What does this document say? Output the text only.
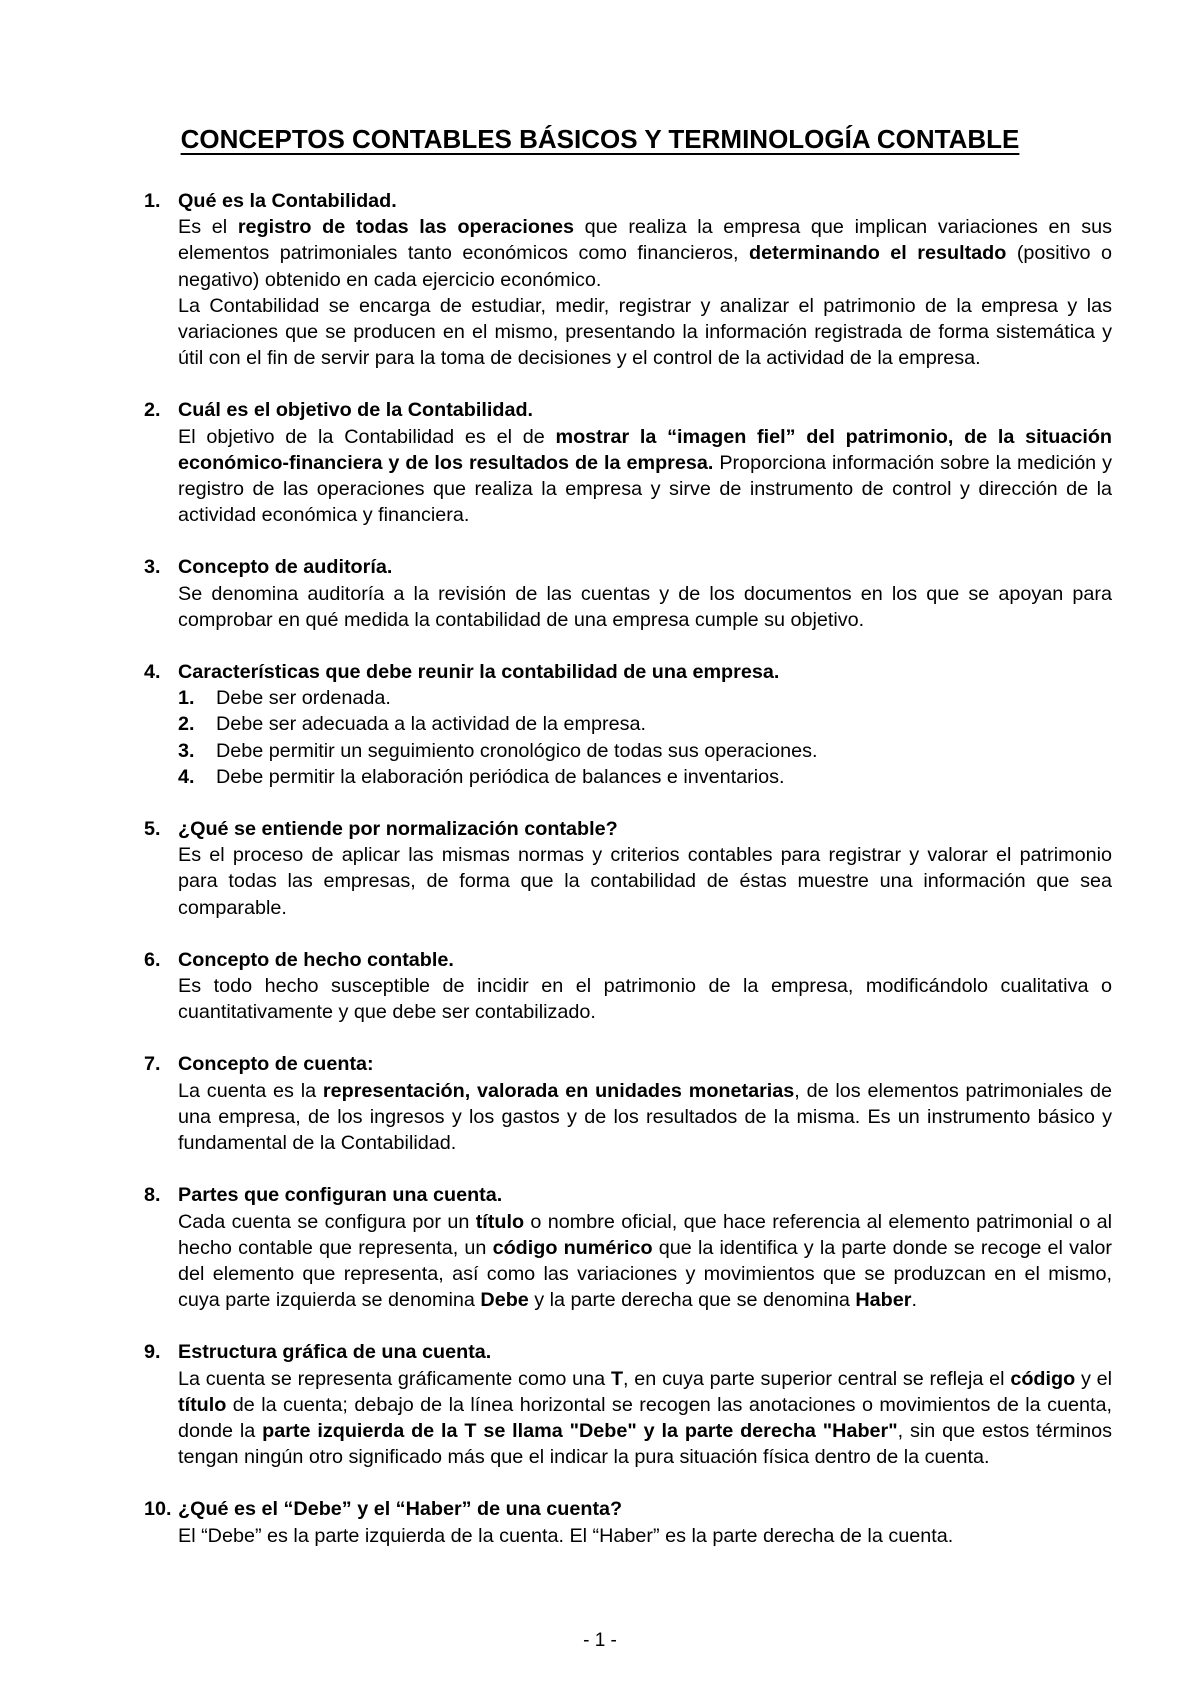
CONCEPTOS CONTABLES BÁSICOS Y TERMINOLOGÍA CONTABLE
1. Qué es la Contabilidad.
Es el registro de todas las operaciones que realiza la empresa que implican variaciones en sus elementos patrimoniales tanto económicos como financieros, determinando el resultado (positivo o negativo) obtenido en cada ejercicio económico.
La Contabilidad se encarga de estudiar, medir, registrar y analizar el patrimonio de la empresa y las variaciones que se producen en el mismo, presentando la información registrada de forma sistemática y útil con el fin de servir para la toma de decisiones y el control de la actividad de la empresa.
2. Cuál es el objetivo de la Contabilidad.
El objetivo de la Contabilidad es el de mostrar la “imagen fiel” del patrimonio, de la situación económico-financiera y de los resultados de la empresa. Proporciona información sobre la medición y registro de las operaciones que realiza la empresa y sirve de instrumento de control y dirección de la actividad económica y financiera.
3. Concepto de auditoría.
Se denomina auditoría a la revisión de las cuentas y de los documentos en los que se apoyan para comprobar en qué medida la contabilidad de una empresa cumple su objetivo.
4. Características que debe reunir la contabilidad de una empresa.
1. Debe ser ordenada.
2. Debe ser adecuada a la actividad de la empresa.
3. Debe permitir un seguimiento cronológico de todas sus operaciones.
4. Debe permitir la elaboración periódica de balances e inventarios.
5. ¿Qué se entiende por normalización contable?
Es el proceso de aplicar las mismas normas y criterios contables para registrar y valorar el patrimonio para todas las empresas, de forma que la contabilidad de éstas muestre una información que sea comparable.
6. Concepto de hecho contable.
Es todo hecho susceptible de incidir en el patrimonio de la empresa, modificándolo cualitativa o cuantitativamente y que debe ser contabilizado.
7. Concepto de cuenta:
La cuenta es la representación, valorada en unidades monetarias, de los elementos patrimoniales de una empresa, de los ingresos y los gastos y de los resultados de la misma. Es un instrumento básico y fundamental de la Contabilidad.
8. Partes que configuran una cuenta.
Cada cuenta se configura por un título o nombre oficial, que hace referencia al elemento patrimonial o al hecho contable que representa, un código numérico que la identifica y la parte donde se recoge el valor del elemento que representa, así como las variaciones y movimientos que se produzcan en el mismo, cuya parte izquierda se denomina Debe y la parte derecha que se denomina Haber.
9. Estructura gráfica de una cuenta.
La cuenta se representa gráficamente como una T, en cuya parte superior central se refleja el código y el título de la cuenta; debajo de la línea horizontal se recogen las anotaciones o movimientos de la cuenta, donde la parte izquierda de la T se llama "Debe" y la parte derecha "Haber", sin que estos términos tengan ningún otro significado más que el indicar la pura situación física dentro de la cuenta.
10. ¿Qué es el “Debe” y el “Haber” de una cuenta?
El “Debe” es la parte izquierda de la cuenta. El “Haber” es la parte derecha de la cuenta.
- 1 -
